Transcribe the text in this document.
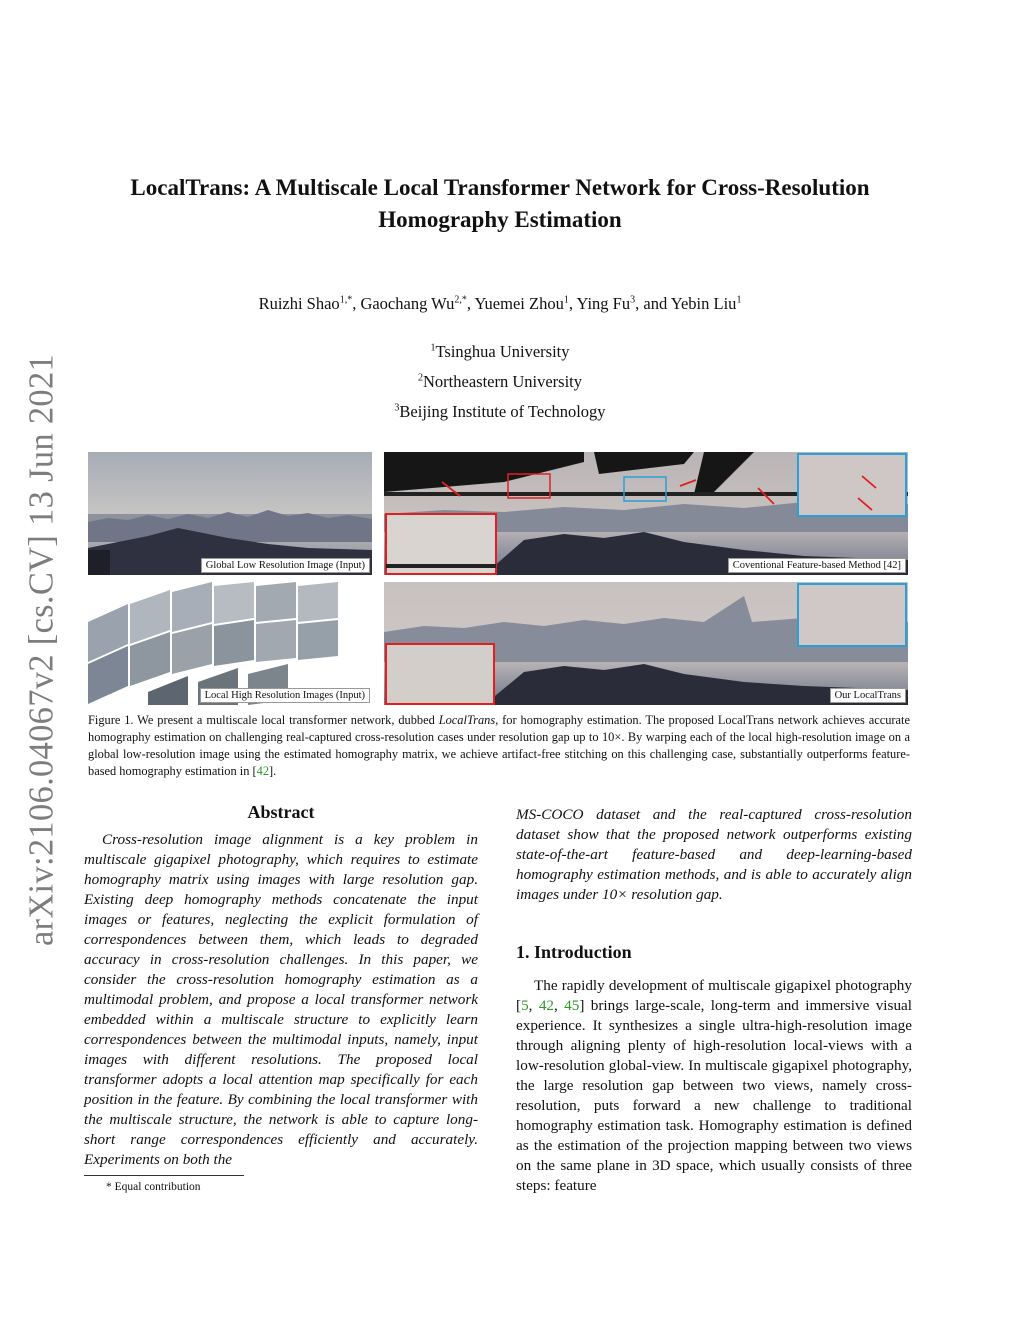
arXiv:2106.04067v2 [cs.CV] 13 Jun 2021
LocalTrans: A Multiscale Local Transformer Network for Cross-Resolution
Homography Estimation
Ruizhi Shao$^{1,*}$, Gaochang $Wu^{2,*}$, Yuemei Zhou$^1$, Ying Fu$^3$, and Yebin Liu$^1$
$^1$Tsinghua University
$^2$Northeastern University
$^3$Beijing Institute of Technology
Global Low Resolution Image (Input)	Coventional Feature-based Method [42]
Local High Resolution Images (Input)	Our LocalTrans
Figure 1. We present a multiscale local transformer network, dubbed LocalTrans, for homography estimation. The proposed LocalTrans network achieves accurate homography estimation on challenging real-captured cross-resolution cases under resolution gap up to 10×. By warping each of the local high-resolution image on a global low-resolution image using the estimated homography matrix, we achieve artifact-free stitching on this challenging case, substantially outperforms feature-based homography estimation in [42].
Abstract
Cross-resolution image alignment is a key problem in multiscale gigapixel photography, which requires to estimate homography matrix using images with large resolution gap. Existing deep homography methods concatenate the input images or features, neglecting the explicit formulation of correspondences between them, which leads to degraded accuracy in cross-resolution challenges. In this paper, we consider the cross-resolution homography estimation as a multimodal problem, and propose a local transformer network embedded within a multiscale structure to explicitly learn correspondences between the multimodal inputs, namely, input images with different resolutions. The proposed local transformer adopts a local attention map specifically for each position in the feature. By combining the local transformer with the multiscale structure, the network is able to capture long-short range correspondences efficiently and accurately. Experiments on both the
MS-COCO dataset and the real-captured cross-resolution dataset show that the proposed network outperforms existing state-of-the-art feature-based and deep-learning-based homography estimation methods, and is able to accurately align images under 10× resolution gap.
1. Introduction
The rapidly development of multiscale gigapixel photography [5, 42, 45] brings large-scale, long-term and immersive visual experience. It synthesizes a single ultra-high-resolution image through aligning plenty of high-resolution local-views with a low-resolution global-view. In multiscale gigapixel photography, the large resolution gap between two views, namely cross-resolution, puts forward a new challenge to traditional homography estimation task. Homography estimation is defined as the estimation of the projection mapping between two views on the same plane in 3D space, which usually consists of three steps: feature
* Equal contribution
